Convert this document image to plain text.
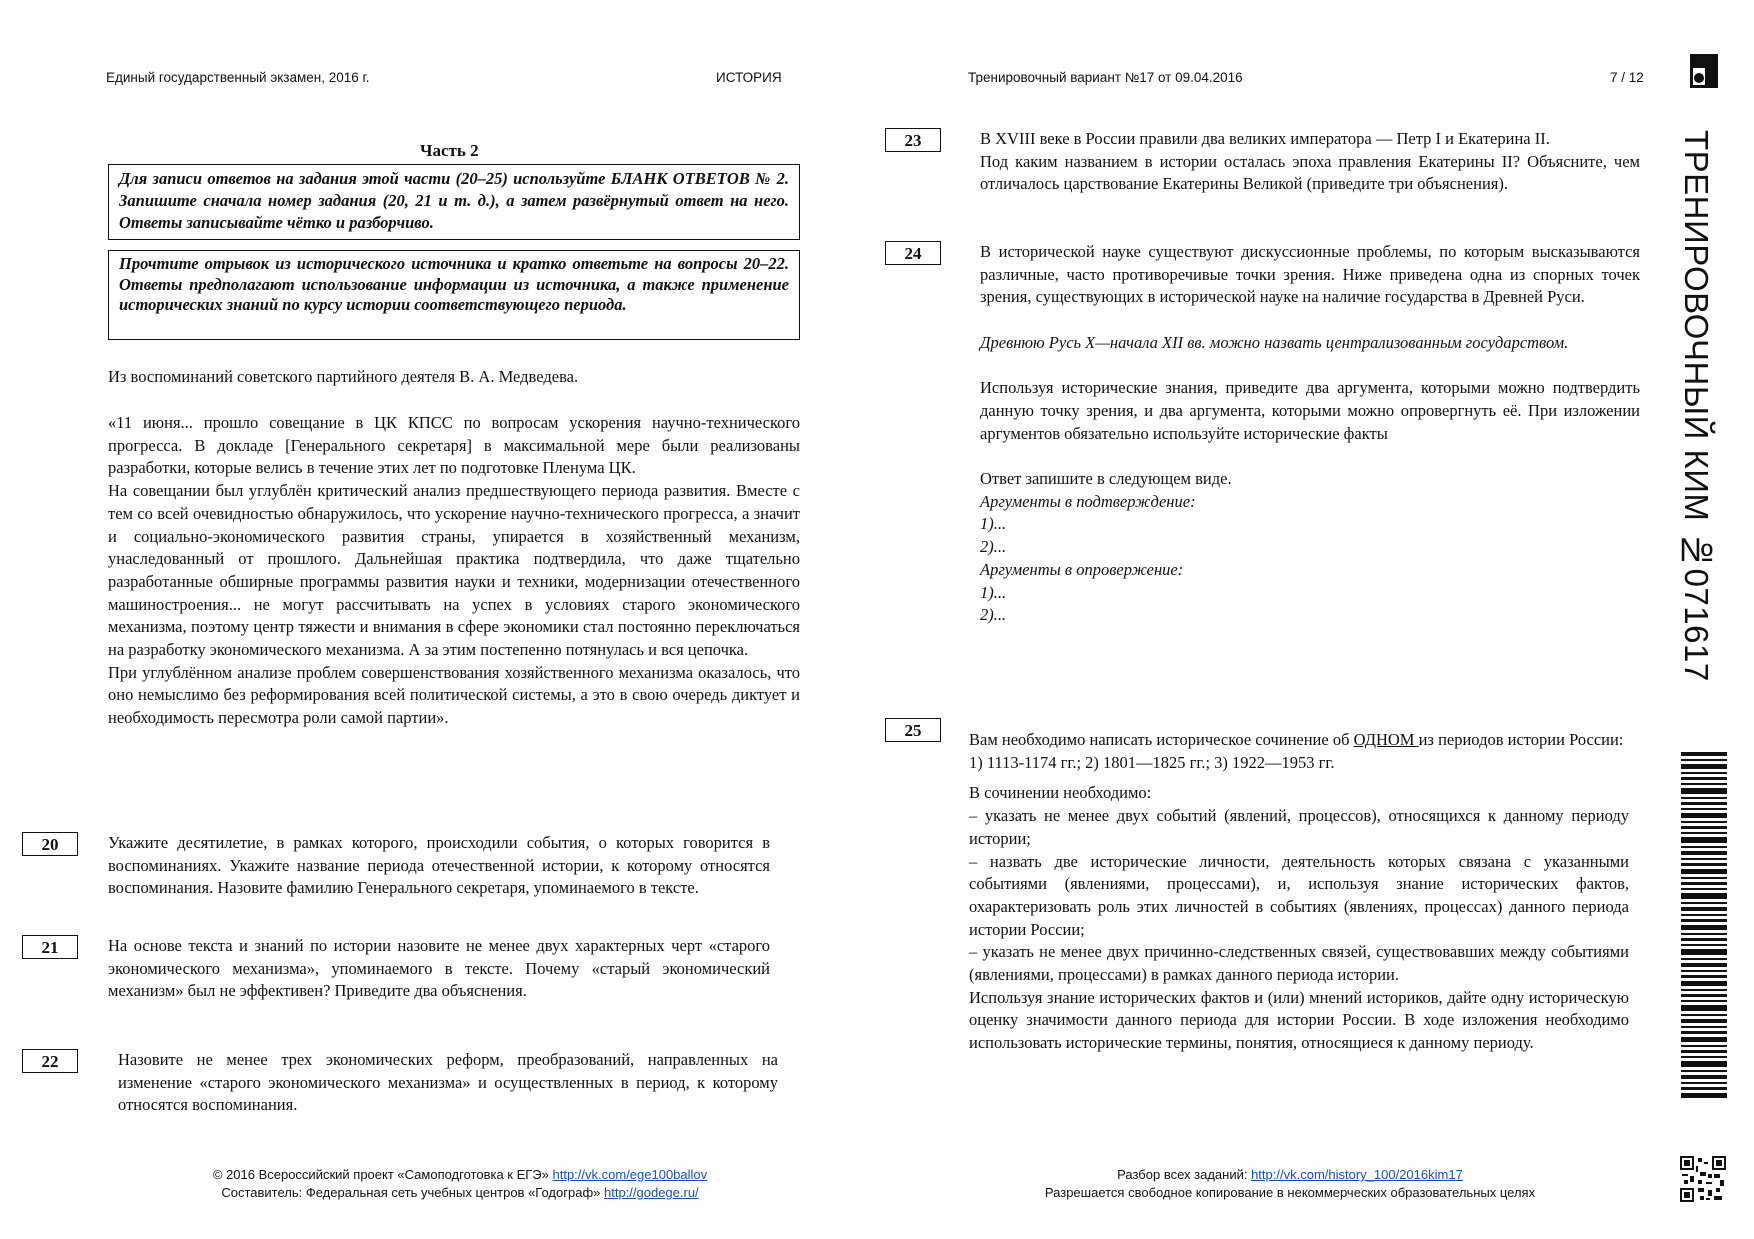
Единый государственный экзамен, 2016 г.	ИСТОРИЯ	Тренировочный вариант №17 от 09.04.2016	7 / 12
ТРЕНИРОВОЧНЫЙ КИМ №071617
Часть 2
Для записи ответов на задания этой части (20–25) используйте БЛАНК ОТВЕТОВ № 2. Запишите сначала номер задания (20, 21 и т. д.), а затем развёрнутый ответ на него. Ответы записывайте чётко и разборчиво.
Прочтите отрывок из исторического источника и кратко ответьте на вопросы 20–22. Ответы предполагают использование информации из источника, а также применение исторических знаний по курсу истории соответствующего периода.
Из воспоминаний советского партийного деятеля В. А. Медведева.

«11 июня... прошло совещание в ЦК КПСС по вопросам ускорения научно-технического прогресса. В докладе [Генерального секретаря] в максимальной мере были реализованы разработки, которые велись в течение этих лет по подготовке Пленума ЦК.

На совещании был углублён критический анализ предшествующего периода развития. Вместе с тем со всей очевидностью обнаружилось, что ускорение научно-технического прогресса, а значит и социально-экономического развития страны, упирается в хозяйственный механизм, унаследованный от прошлого. Дальнейшая практика подтвердила, что даже тщательно разработанные обширные программы развития науки и техники, модернизации отечественного машиностроения... не могут рассчитывать на успех в условиях старого экономического механизма, поэтому центр тяжести и внимания в сфере экономики стал постоянно переключаться на разработку экономического механизма. А за этим постепенно потянулась и вся цепочка.

При углублённом анализе проблем совершенствования хозяйственного механизма оказалось, что оно немыслимо без реформирования всей политической системы, а это в свою очередь диктует и необходимость пересмотра роли самой партии».

20	Укажите десятилетие, в рамках которого, происходили события, о которых говорится в воспоминаниях. Укажите название периода отечественной истории, к которому относятся воспоминания. Назовите фамилию Генерального секретаря, упоминаемого в тексте.
21	На основе текста и знаний по истории назовите не менее двух характерных черт «старого экономического механизма», упоминаемого в тексте. Почему «старый экономический механизм» был не эффективен? Приведите два объяснения.
22	Назовите не менее трех экономических реформ, преобразований, направленных на изменение «старого экономического механизма» и осуществленных в период, к которому относятся воспоминания.
23	В XVIII веке в России правили два великих императора — Петр I и Екатерина II.

Под каким названием в истории осталась эпоха правления Екатерины II? Объясните, чем отличалось царствование Екатерины Великой (приведите три объяснения).

24	В исторической науке существуют дискуссионные проблемы, по которым высказываются различные, часто противоречивые точки зрения. Ниже приведена одна из спорных точек зрения, существующих в исторической науке на наличие государства в Древней Руси.

Древнюю Русь X—начала XII вв. можно назвать централизованным государством.

Используя исторические знания, приведите два аргумента, которыми можно подтвердить данную точку зрения, и два аргумента, которыми можно опровергнуть её. При изложении аргументов обязательно используйте исторические факты

Ответ запишите в следующем виде.

Аргументы в подтверждение:

1)...

2)...

Аргументы в опровержение:

1)...

2)...

25	Вам необходимо написать историческое сочинение об ОДНОМ из периодов истории России:

1) 1113-1174 гг.; 2) 1801—1825 гг.; 3) 1922—1953 гг.

В сочинении необходимо:

– указать не менее двух событий (явлений, процессов), относящихся к данному периоду истории;

– назвать две исторические личности, деятельность которых связана с указанными событиями (явлениями, процессами), и, используя знание исторических фактов, охарактеризовать роль этих личностей в событиях (явлениях, процессах) данного периода истории России;

– указать не менее двух причинно-следственных связей, существовавших между событиями (явлениями, процессами) в рамках данного периода истории.

Используя знание исторических фактов и (или) мнений историков, дайте одну историческую оценку значимости данного периода для истории России. В ходе изложения необходимо использовать исторические термины, понятия, относящиеся к данному периоду.

© 2016 Всероссийский проект «Самоподготовка к ЕГЭ» http://vk.com/ege100ballov
Составитель: Федеральная сеть учебных центров «Годограф» http://godege.ru/
Разбор всех заданий: http://vk.com/history_100/2016kim17
Разрешается свободное копирование в некоммерческих образовательных целях
